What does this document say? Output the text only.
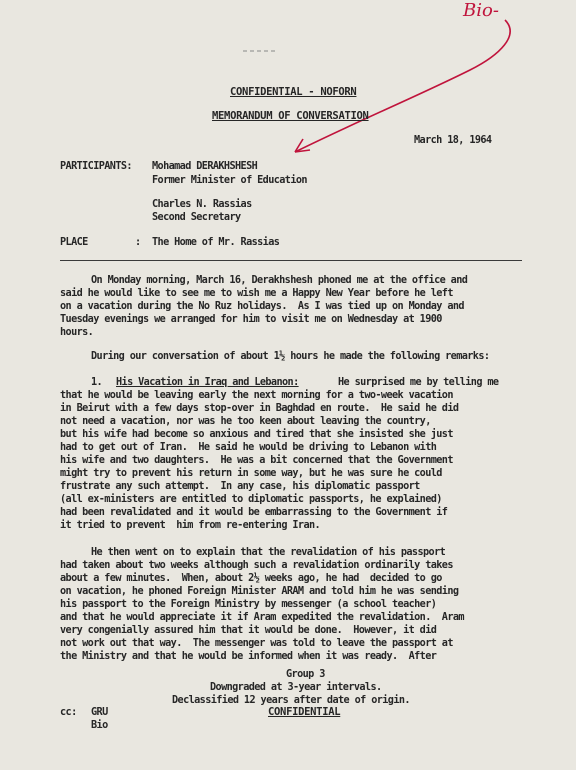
Bio-
CONFIDENTIAL - NOFORN
MEMORANDUM OF CONVERSATION
March 18, 1964
PARTICIPANTS: Mohamad DERAKHSHESH
Former Minister of Education
Charles N. Rassias
Second Secretary
PLACE	: The Home of Mr. Rassias
On Monday morning, March 16, Derakhshesh phoned me at the office and
said he would like to see me to wish me a Happy New Year before he left
on a vacation during the No Ruz holidays.  As I was tied up on Monday and
Tuesday evenings we arranged for him to visit me on Wednesday at 1900
hours.
During our conversation of about 1½ hours he made the following remarks:
1. His Vacation in Iraq and Lebanon:	He surprised me by telling me
that he would be leaving early the next morning for a two-week vacation
in Beirut with a few days stop-over in Baghdad en route.  He said he did
not need a vacation, nor was he too keen about leaving the country,
but his wife had become so anxious and tired that she insisted she just
had to get out of Iran.  He said he would be driving to Lebanon with
his wife and two daughters.  He was a bit concerned that the Government
might try to prevent his return in some way, but he was sure he could
frustrate any such attempt.  In any case, his diplomatic passport
(all ex-ministers are entitled to diplomatic passports, he explained)
had been revalidated and it would be embarrassing to the Government if
it tried to prevent  him from re-entering Iran.
He then went on to explain that the revalidation of his passport
had taken about two weeks although such a revalidation ordinarily takes
about a few minutes.  When, about 2½ weeks ago, he had  decided to go
on vacation, he phoned Foreign Minister ARAM and told him he was sending
his passport to the Foreign Ministry by messenger (a school teacher)
and that he would appreciate it if Aram expedited the revalidation.  Aram
very congenially assured him that it would be done.  However, it did
not work out that way.  The messenger was told to leave the passport at
the Ministry and that he would be informed when it was ready.  After
Group 3
Downgraded at 3-year intervals.
Declassified 12 years after date of origin.
CONFIDENTIAL
cc: GRU
Bio
